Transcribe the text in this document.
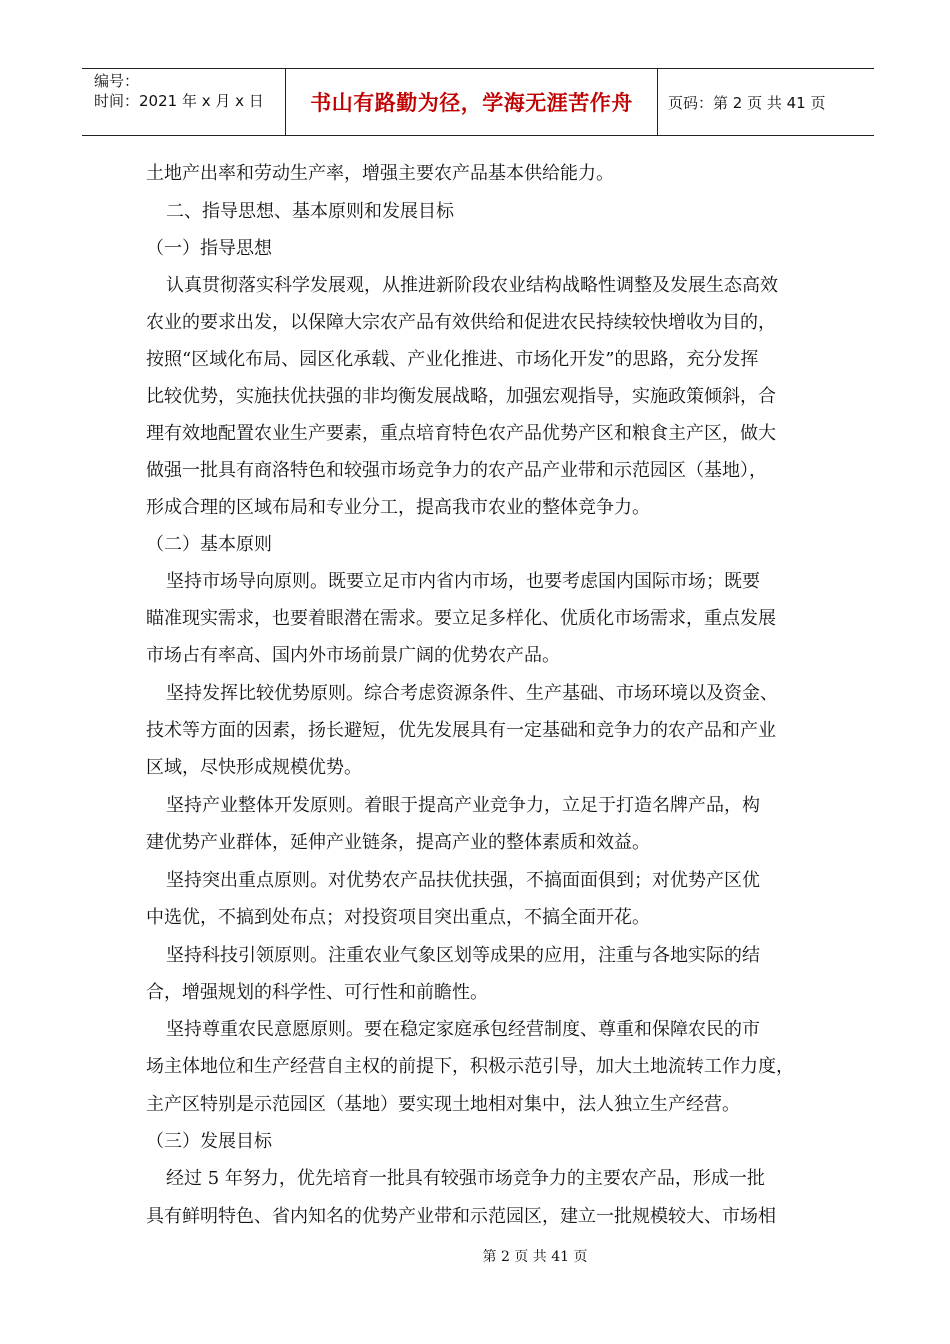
编号：
时间：2021 年 x 月 x 日	书山有路勤为径，学海无涯苦作舟	页码：第 2 页 共 41 页
土地产出率和劳动生产率，增强主要农产品基本供给能力。
二、指导思想、基本原则和发展目标
（一）指导思想
认真贯彻落实科学发展观，从推进新阶段农业结构战略性调整及发展生态高效
农业的要求出发，以保障大宗农产品有效供给和促进农民持续较快增收为目的，
按照“区域化布局、园区化承载、产业化推进、市场化开发”的思路，充分发挥
比较优势，实施扶优扶强的非均衡发展战略，加强宏观指导，实施政策倾斜，合
理有效地配置农业生产要素，重点培育特色农产品优势产区和粮食主产区，做大
做强一批具有商洛特色和较强市场竞争力的农产品产业带和示范园区（基地），
形成合理的区域布局和专业分工，提高我市农业的整体竞争力。
（二）基本原则
坚持市场导向原则。既要立足市内省内市场，也要考虑国内国际市场；既要
瞄准现实需求，也要着眼潜在需求。要立足多样化、优质化市场需求，重点发展
市场占有率高、国内外市场前景广阔的优势农产品。
坚持发挥比较优势原则。综合考虑资源条件、生产基础、市场环境以及资金、
技术等方面的因素，扬长避短，优先发展具有一定基础和竞争力的农产品和产业
区域，尽快形成规模优势。
坚持产业整体开发原则。着眼于提高产业竞争力，立足于打造名牌产品，构
建优势产业群体，延伸产业链条，提高产业的整体素质和效益。
坚持突出重点原则。对优势农产品扶优扶强，不搞面面俱到；对优势产区优
中选优，不搞到处布点；对投资项目突出重点，不搞全面开花。
坚持科技引领原则。注重农业气象区划等成果的应用，注重与各地实际的结
合，增强规划的科学性、可行性和前瞻性。
坚持尊重农民意愿原则。要在稳定家庭承包经营制度、尊重和保障农民的市
场主体地位和生产经营自主权的前提下，积极示范引导，加大土地流转工作力度，
主产区特别是示范园区（基地）要实现土地相对集中，法人独立生产经营。
（三）发展目标
经过 5 年努力，优先培育一批具有较强市场竞争力的主要农产品，形成一批
具有鲜明特色、省内知名的优势产业带和示范园区，建立一批规模较大、市场相
第 2 页 共 41 页
